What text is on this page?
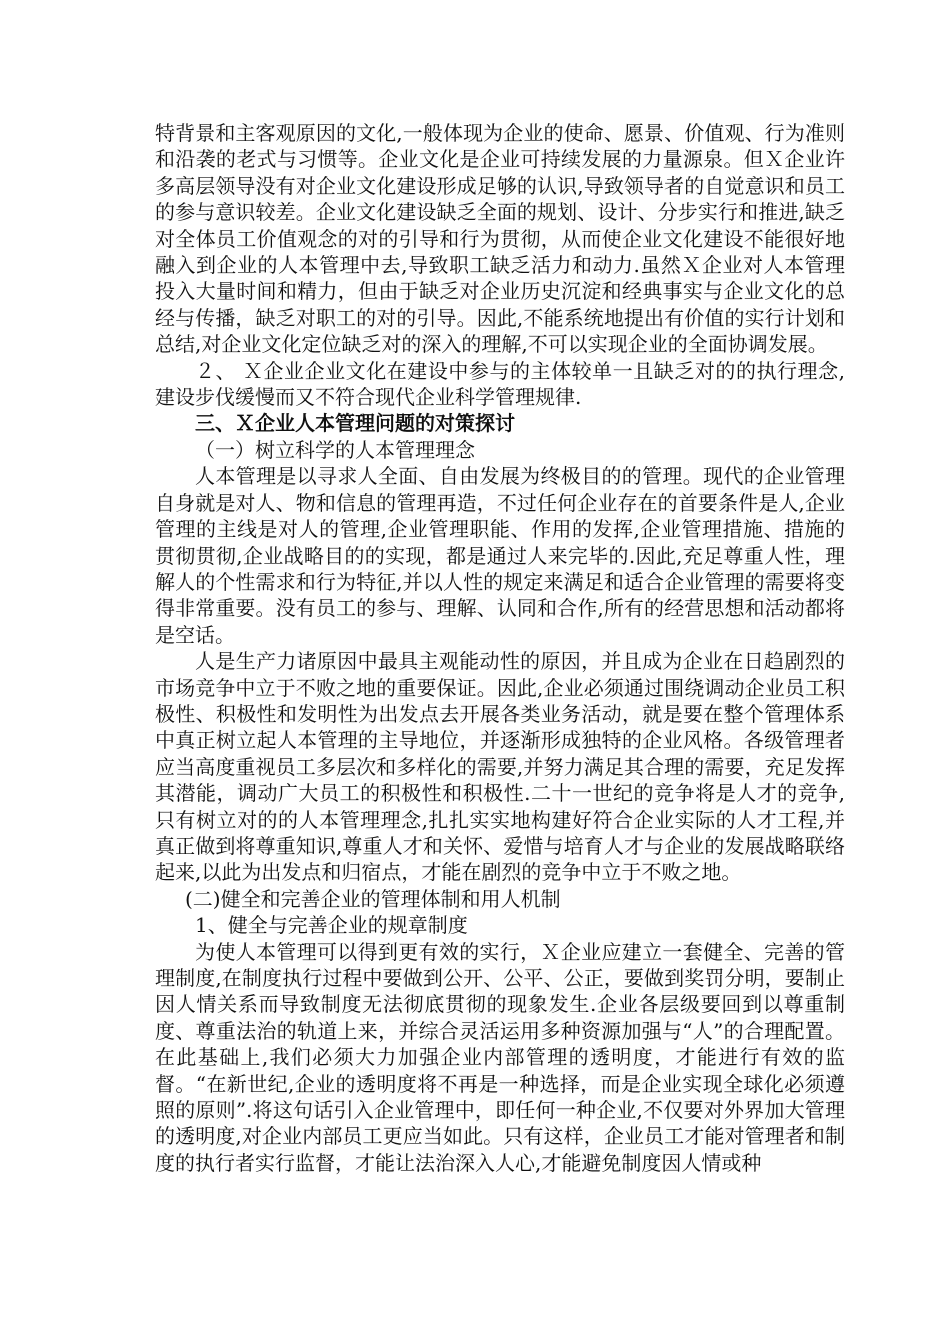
特背景和主客观原因的文化,一般体现为企业的使命、愿景、价值观、行为准则和沿袭的老式与习惯等。企业文化是企业可持续发展的力量源泉。但Ｘ企业许多高层领导没有对企业文化建设形成足够的认识,导致领导者的自觉意识和员工的参与意识较差。企业文化建设缺乏全面的规划、设计、分步实行和推进,缺乏对全体员工价值观念的对的引导和行为贯彻，从而使企业文化建设不能很好地融入到企业的人本管理中去,导致职工缺乏活力和动力.虽然Ｘ企业对人本管理投入大量时间和精力，但由于缺乏对企业历史沉淀和经典事实与企业文化的总经与传播，缺乏对职工的对的引导。因此,不能系统地提出有价值的实行计划和总结,对企业文化定位缺乏对的深入的理解,不可以实现企业的全面协调发展。

２、 Ｘ企业企业文化在建设中参与的主体较单一且缺乏对的的执行理念,建设步伐缓慢而又不符合现代企业科学管理规律.

三、Ｘ企业人本管理问题的对策探讨

（一）树立科学的人本管理理念

人本管理是以寻求人全面、自由发展为终极目的的管理。现代的企业管理自身就是对人、物和信息的管理再造，不过任何企业存在的首要条件是人,企业管理的主线是对人的管理,企业管理职能、作用的发挥,企业管理措施、措施的贯彻贯彻,企业战略目的的实现，都是通过人来完毕的.因此,充足尊重人性，理解人的个性需求和行为特征,并以人性的规定来满足和适合企业管理的需要将变得非常重要。没有员工的参与、理解、认同和合作,所有的经营思想和活动都将是空话。

人是生产力诸原因中最具主观能动性的原因，并且成为企业在日趋剧烈的市场竞争中立于不败之地的重要保证。因此,企业必须通过围绕调动企业员工积极性、积极性和发明性为出发点去开展各类业务活动，就是要在整个管理体系中真正树立起人本管理的主导地位，并逐渐形成独特的企业风格。各级管理者应当高度重视员工多层次和多样化的需要,并努力满足其合理的需要，充足发挥其潜能，调动广大员工的积极性和积极性.二十一世纪的竞争将是人才的竞争,只有树立对的的人本管理理念,扎扎实实地构建好符合企业实际的人才工程,并真正做到将尊重知识,尊重人才和关怀、爱惜与培育人才与企业的发展战略联络起来,以此为出发点和归宿点，才能在剧烈的竞争中立于不败之地。

(二)健全和完善企业的管理体制和用人机制

1、健全与完善企业的规章制度

为使人本管理可以得到更有效的实行，Ｘ企业应建立一套健全、完善的管理制度,在制度执行过程中要做到公开、公平、公正，要做到奖罚分明，要制止因人情关系而导致制度无法彻底贯彻的现象发生.企业各层级要回到以尊重制度、尊重法治的轨道上来，并综合灵活运用多种资源加强与“人”的合理配置。在此基础上,我们必须大力加强企业内部管理的透明度，才能进行有效的监督。“在新世纪,企业的透明度将不再是一种选择，而是企业实现全球化必须遵照的原则”.将这句话引入企业管理中，即任何一种企业,不仅要对外界加大管理的透明度,对企业内部员工更应当如此。只有这样，企业员工才能对管理者和制度的执行者实行监督，才能让法治深入人心,才能避免制度因人情或种
